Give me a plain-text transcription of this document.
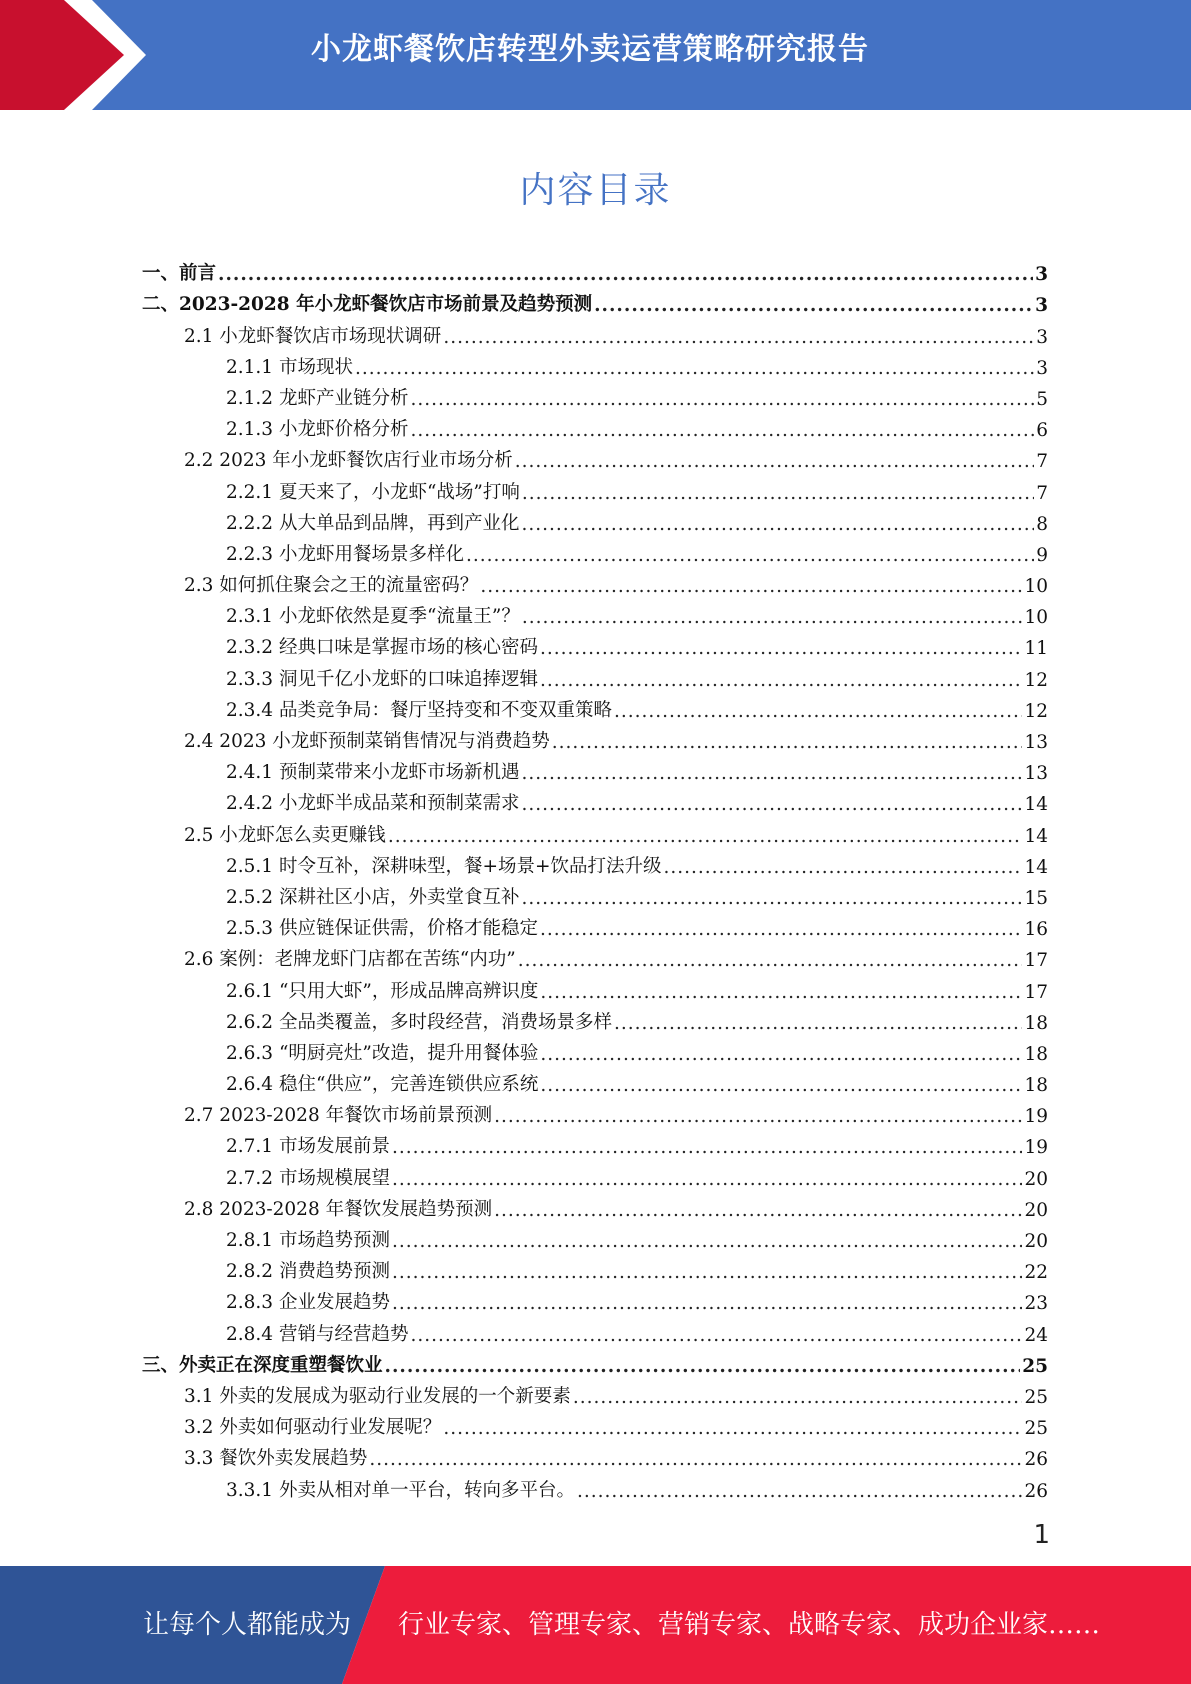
小龙虾餐饮店转型外卖运营策略研究报告
内容目录
一、前言 .....	3
二、2023-2028 年小龙虾餐饮店市场前景及趋势预测 .....	3
2.1 小龙虾餐饮店市场现状调研 .....	3
2.1.1 市场现状 .....	3
2.1.2 龙虾产业链分析 .....	5
2.1.3 小龙虾价格分析 .....	6
2.2 2023 年小龙虾餐饮店行业市场分析 .....	7
2.2.1 夏天来了，小龙虾“战场”打响 .....	7
2.2.2 从大单品到品牌，再到产业化 .....	8
2.2.3 小龙虾用餐场景多样化 .....	9
2.3 如何抓住聚会之王的流量密码？ .....	10
2.3.1 小龙虾依然是夏季“流量王”？ .....	10
2.3.2 经典口味是掌握市场的核心密码 .....	11
2.3.3 洞见千亿小龙虾的口味追捧逻辑 .....	12
2.3.4 品类竞争局：餐厅坚持变和不变双重策略 .....	12
2.4 2023 小龙虾预制菜销售情况与消费趋势 .....	13
2.4.1 预制菜带来小龙虾市场新机遇 .....	13
2.4.2 小龙虾半成品菜和预制菜需求 .....	14
2.5 小龙虾怎么卖更赚钱 .....	14
2.5.1 时令互补，深耕味型，餐+场景+饮品打法升级 .....	14
2.5.2 深耕社区小店，外卖堂食互补 .....	15
2.5.3 供应链保证供需，价格才能稳定 .....	16
2.6 案例：老牌龙虾门店都在苦练“内功” .....	17
2.6.1 “只用大虾”，形成品牌高辨识度 .....	17
2.6.2 全品类覆盖，多时段经营，消费场景多样 .....	18
2.6.3 “明厨亮灶”改造，提升用餐体验 .....	18
2.6.4 稳住“供应”，完善连锁供应系统 .....	18
2.7 2023-2028 年餐饮市场前景预测 .....	19
2.7.1 市场发展前景 .....	19
2.7.2 市场规模展望 .....	20
2.8 2023-2028 年餐饮发展趋势预测 .....	20
2.8.1 市场趋势预测 .....	20
2.8.2 消费趋势预测 .....	22
2.8.3 企业发展趋势 .....	23
2.8.4 营销与经营趋势 .....	24
三、外卖正在深度重塑餐饮业 .....	25
3.1 外卖的发展成为驱动行业发展的一个新要素 .....	25
3.2 外卖如何驱动行业发展呢？ .....	25
3.3 餐饮外卖发展趋势 .....	26
3.3.1 外卖从相对单一平台，转向多平台。 .....	26
1
让每个人都能成为 行业专家、管理专家、营销专家、战略专家、成功企业家……
